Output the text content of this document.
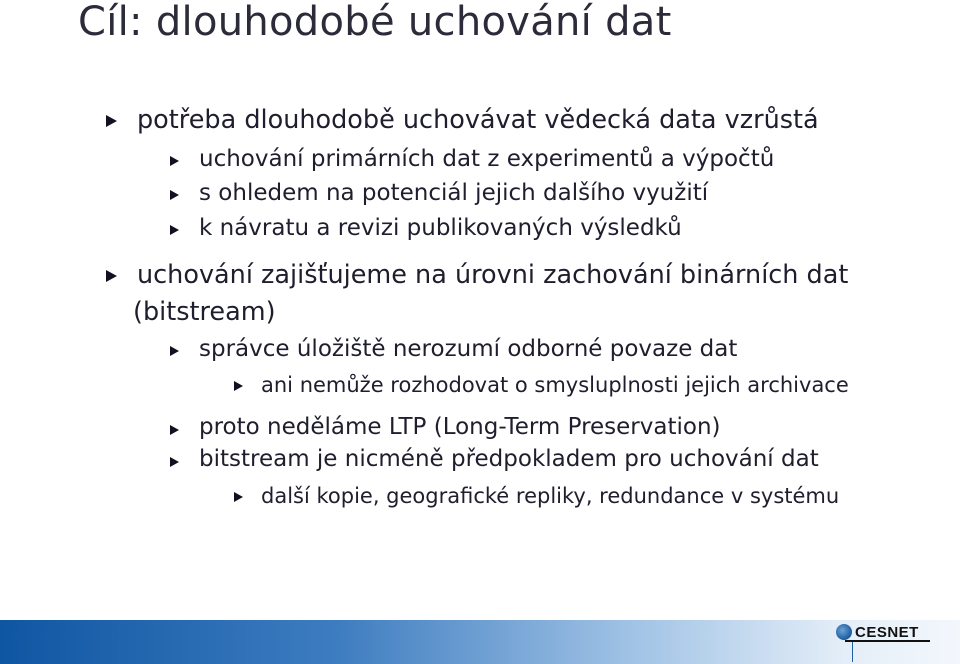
Cíl: dlouhodobé uchování dat
potřeba dlouhodobě uchovávat vědecká data vzrůstá
uchování primárních dat z experimentů a výpočtů
s ohledem na potenciál jejich dalšího využití
k návratu a revizi publikovaných výsledků
uchování zajišťujeme na úrovni zachování binárních dat
(bitstream)
správce úložiště nerozumí odborné povaze dat
ani nemůže rozhodovat o smysluplnosti jejich archivace
proto neděláme LTP (Long-Term Preservation)
bitstream je nicméně předpokladem pro uchování dat
další kopie, geografické repliky, redundance v systému
CESNET
